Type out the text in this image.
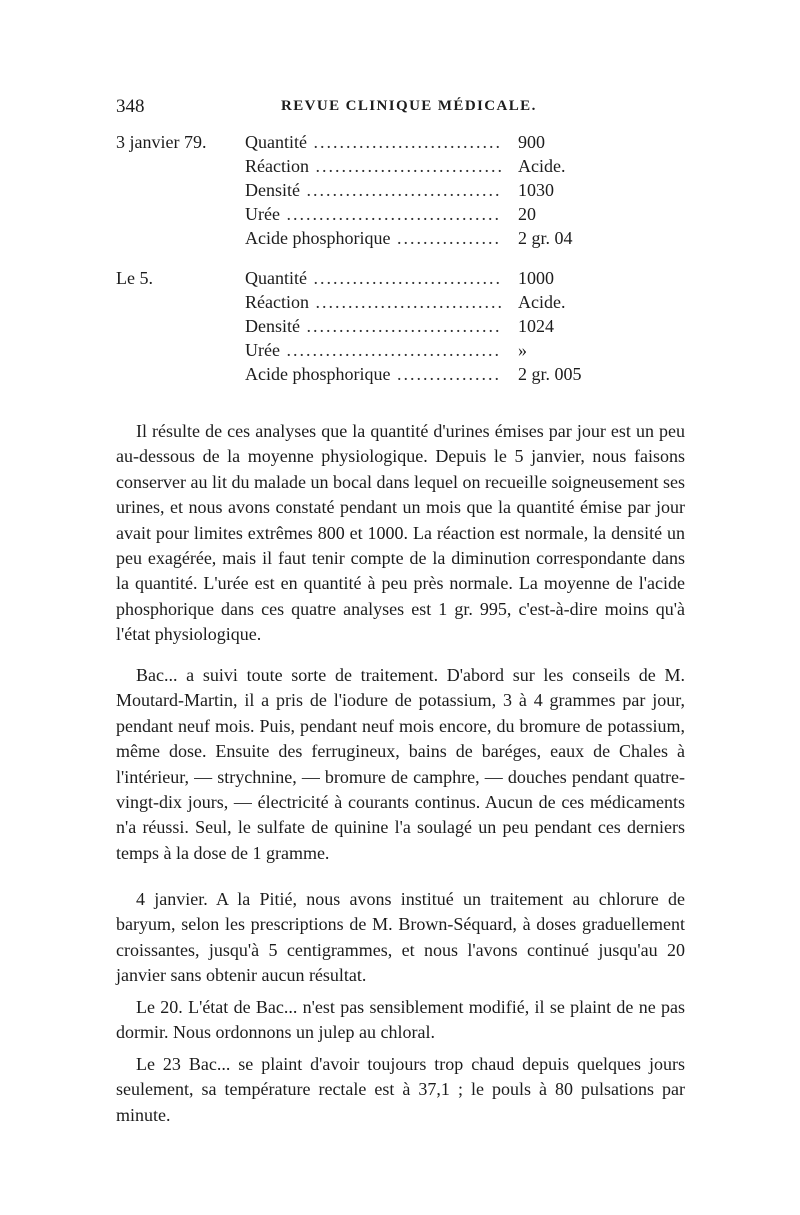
348	REVUE CLINIQUE MÉDICALE.
3 janvier 79. Quantité .....	900
Réaction .....	Acide.
Densité .....	1030
Urée .....	20
Acide phosphorique .....	2 gr. 04
Le 5.	Quantité .....	1000
Réaction .....	Acide.
Densité .....	1024
Urée .....	»
Acide phosphorique .....	2 gr. 005

Il résulte de ces analyses que la quantité d'urines émises par jour est un peu au-dessous de la moyenne physiologique. Depuis le 5 janvier, nous faisons conserver au lit du malade un bocal dans lequel on recueille soigneusement ses urines, et nous avons constaté pendant un mois que la quantité émise par jour avait pour limites extrêmes 800 et 1000. La réaction est normale, la densité un peu exagérée, mais il faut tenir compte de la diminution correspondante dans la quantité. L'urée est en quantité à peu près normale. La moyenne de l'acide phosphorique dans ces quatre analyses est 1 gr. 995, c'est-à-dire moins qu'à l'état physiologique.

Bac... a suivi toute sorte de traitement. D'abord sur les conseils de M. Moutard-Martin, il a pris de l'iodure de potassium, 3 à 4 grammes par jour, pendant neuf mois. Puis, pendant neuf mois encore, du bromure de potassium, même dose. Ensuite des ferrugineux, bains de baréges, eaux de Chales à l'intérieur, — strychnine, — bromure de camphre, — douches pendant quatre-vingt-dix jours, — électricité à courants continus. Aucun de ces médicaments n'a réussi. Seul, le sulfate de quinine l'a soulagé un peu pendant ces derniers temps à la dose de 1 gramme.

4 janvier. A la Pitié, nous avons institué un traitement au chlorure de baryum, selon les prescriptions de M. Brown-Séquard, à doses graduellement croissantes, jusqu'à 5 centigrammes, et nous l'avons continué jusqu'au 20 janvier sans obtenir aucun résultat.

Le 20. L'état de Bac... n'est pas sensiblement modifié, il se plaint de ne pas dormir. Nous ordonnons un julep au chloral.

Le 23 Bac... se plaint d'avoir toujours trop chaud depuis quelques jours seulement, sa température rectale est à 37,1 ; le pouls à 80 pulsations par minute.
